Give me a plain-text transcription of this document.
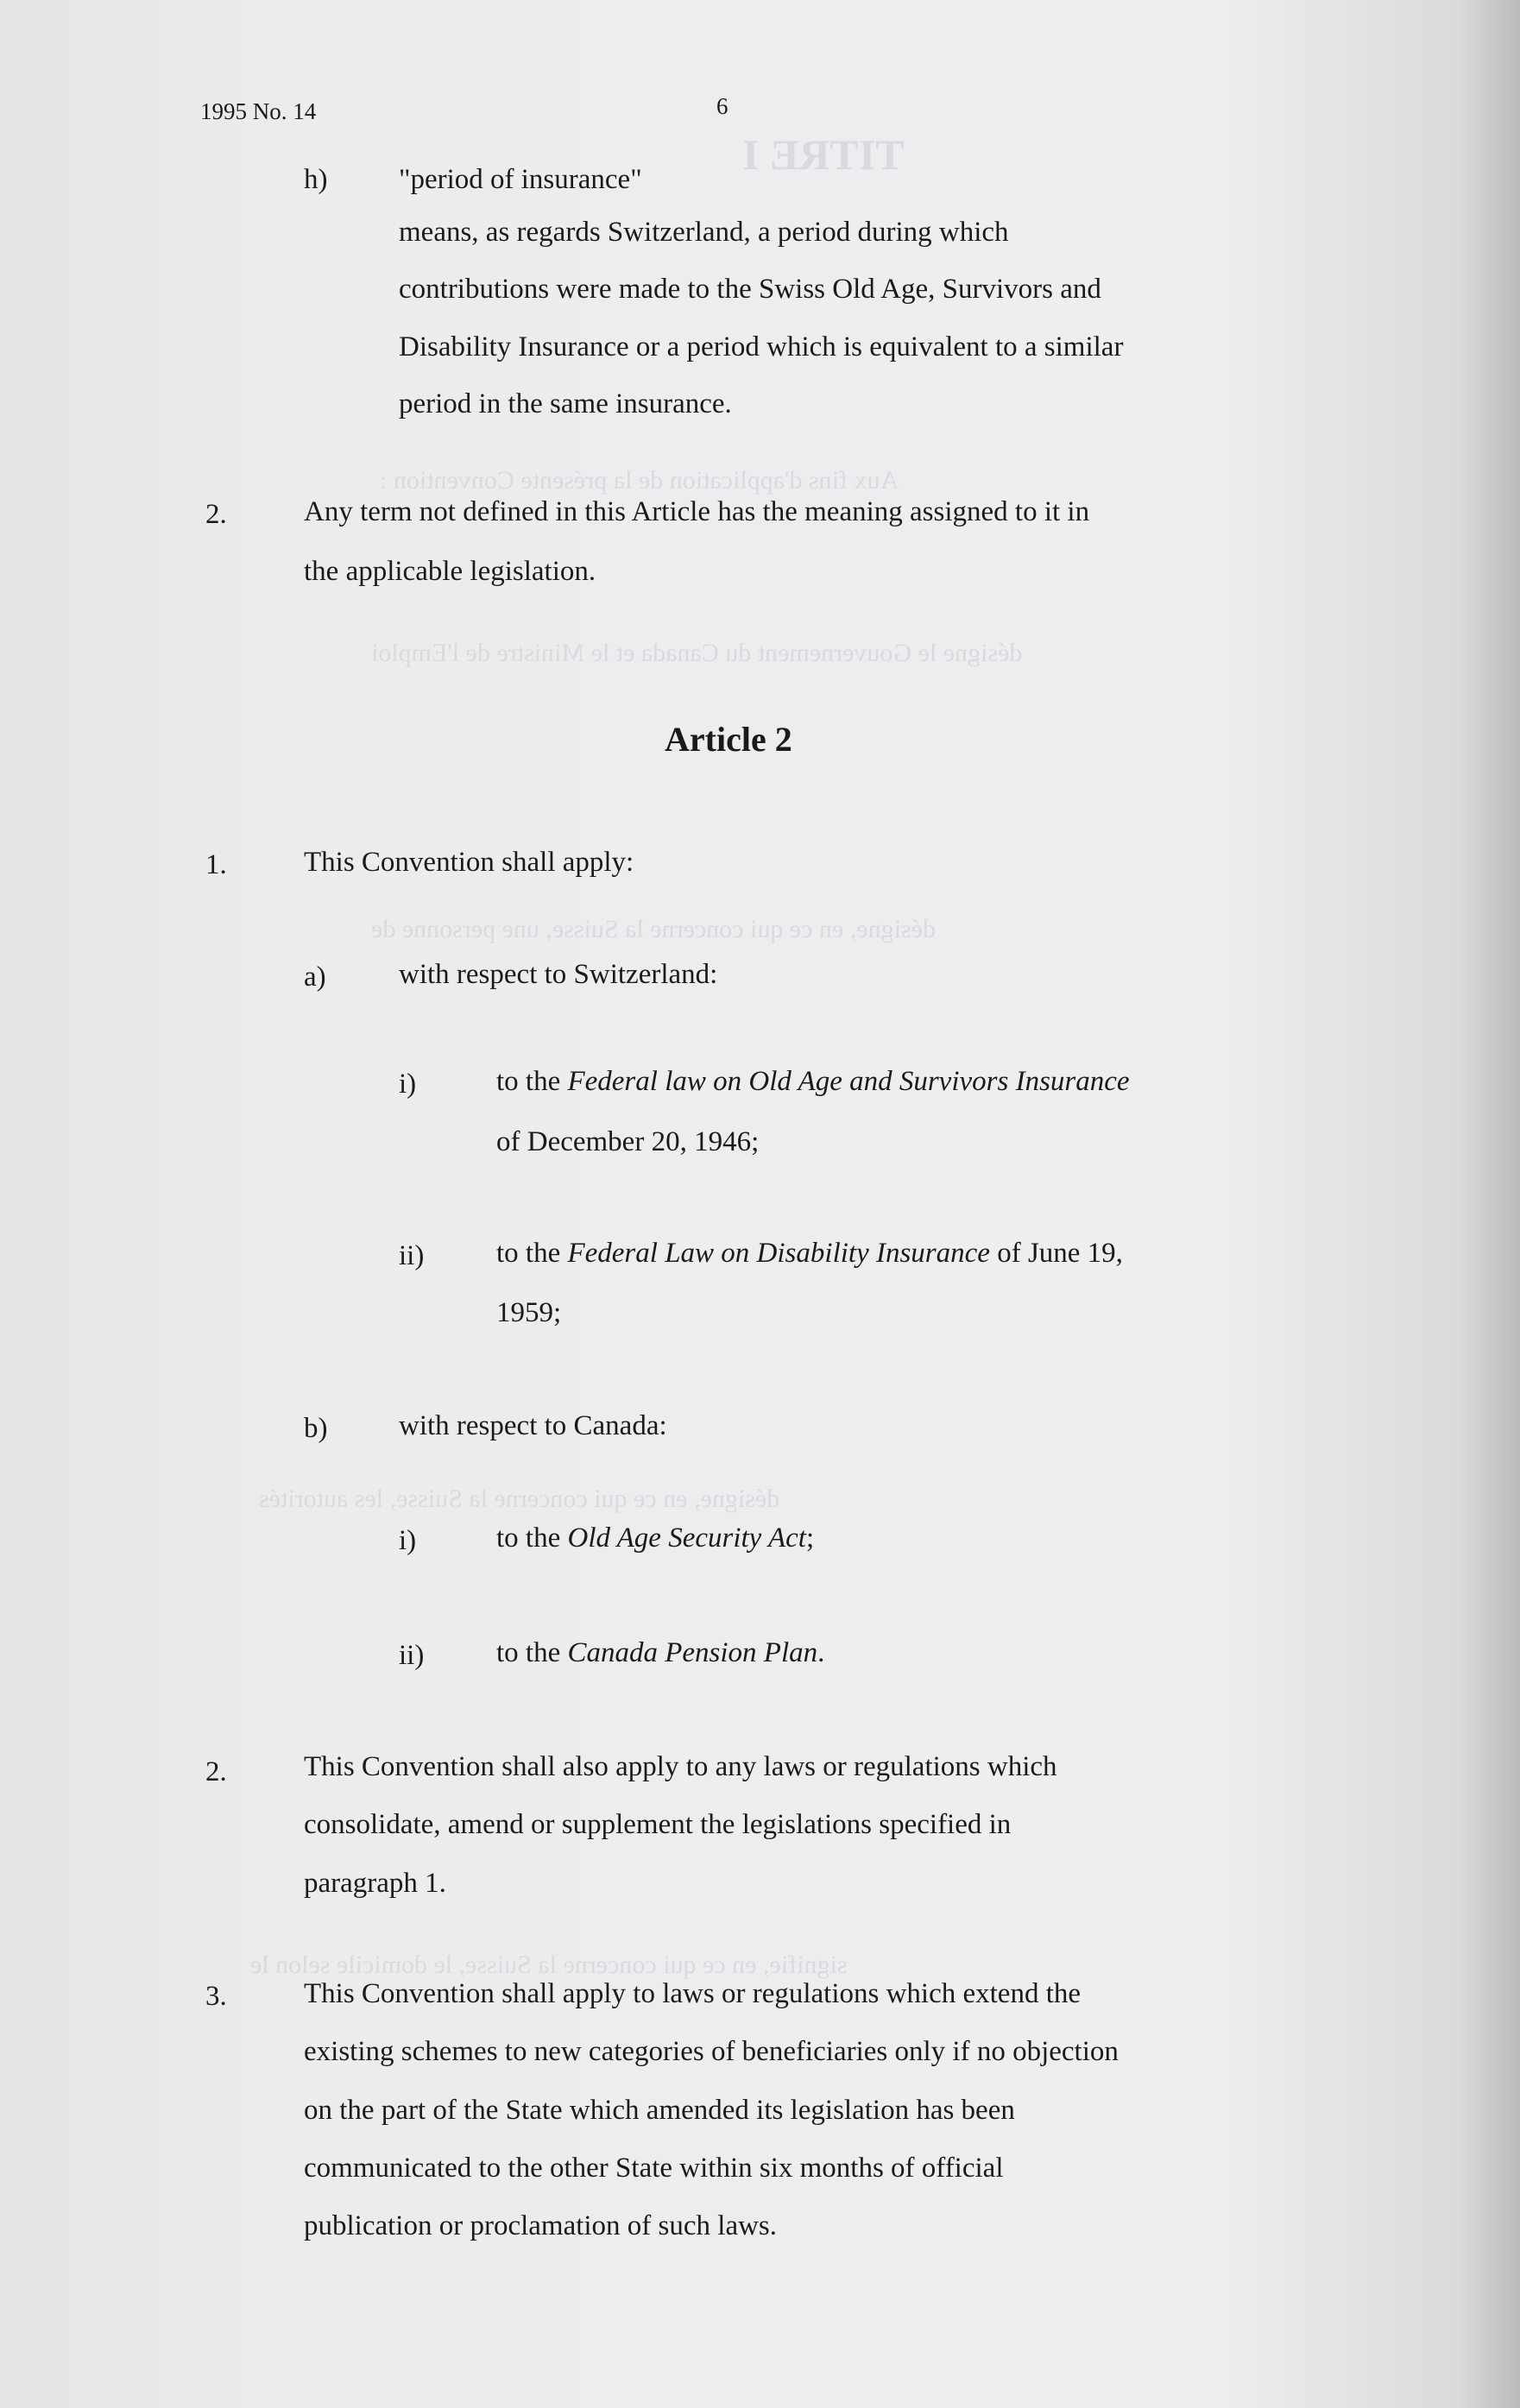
TITRE I
Aux fins d'application de la présente Convention :
désigne le Gouvernement du Canada et le Ministre de l'Emploi
désigne, en ce qui concerne la Suisse, une personne de
désigne, en ce qui concerne la Suisse, les autorités
signifie, en ce qui concerne la Suisse, le domicile selon le
1995 No. 14	6
h)	"period of insurance"
means, as regards Switzerland, a period during which
contributions were made to the Swiss Old Age, Survivors and
Disability Insurance or a period which is equivalent to a similar
period in the same insurance.
2.	Any term not defined in this Article has the meaning assigned to it in
the applicable legislation.
Article 2
1.	This Convention shall apply:
a)	with respect to Switzerland:
i)	to the Federal law on Old Age and Survivors Insurance
of December 20, 1946;
ii)	to the Federal Law on Disability Insurance of June 19,
1959;
b)	with respect to Canada:
i)	to the Old Age Security Act;
ii)	to the Canada Pension Plan.
2.	This Convention shall also apply to any laws or regulations which
consolidate, amend or supplement the legislations specified in
paragraph 1.
3.	This Convention shall apply to laws or regulations which extend the
existing schemes to new categories of beneficiaries only if no objection
on the part of the State which amended its legislation has been
communicated to the other State within six months of official
publication or proclamation of such laws.
